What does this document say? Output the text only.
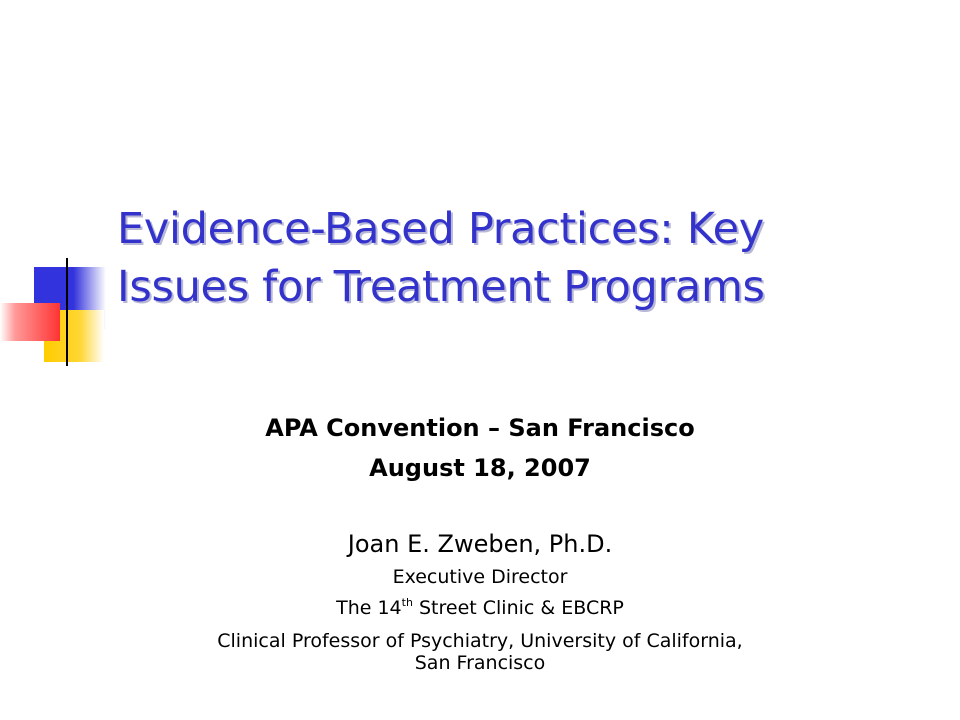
Evidence-Based Practices: Key
Issues for Treatment Programs
APA Convention – San Francisco
August 18, 2007
Joan E. Zweben, Ph.D.
Executive Director
The 14th Street Clinic & EBCRP
Clinical Professor of Psychiatry, University of California,
San Francisco
